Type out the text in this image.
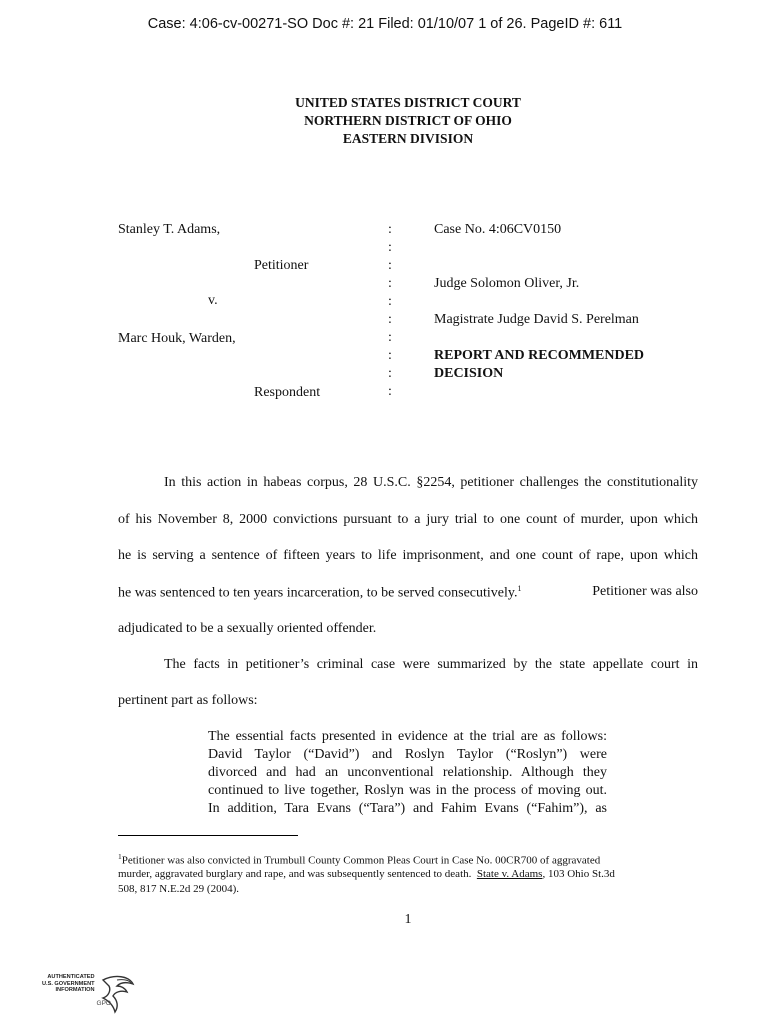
Case: 4:06-cv-00271-SO Doc #: 21 Filed: 01/10/07 1 of 26. PageID #: 611
UNITED STATES DISTRICT COURT
NORTHERN DISTRICT OF OHIO
EASTERN DIVISION
Stanley T. Adams,
Petitioner
v.
Marc Houk, Warden,
Respondent
:
:
:
:
:
:
:
:
:
:
Case No. 4:06CV0150
Judge Solomon Oliver, Jr.
Magistrate Judge David S. Perelman
REPORT AND RECOMMENDED
DECISION
In this action in habeas corpus, 28 U.S.C. §2254, petitioner challenges the constitutionality
of his November 8, 2000 convictions pursuant to a jury trial to one count of murder, upon which
he is serving a sentence of fifteen years to life imprisonment, and one count of rape, upon which
he was sentenced to ten years incarceration, to be served consecutively.$^1$	Petitioner was also
adjudicated to be a sexually oriented offender.
The facts in petitioner’s criminal case were summarized by the state appellate court in
pertinent part as follows:
The essential facts presented in evidence at the trial are as follows:
David Taylor (“David”) and Roslyn Taylor (“Roslyn”) were
divorced and had an unconventional relationship. Although they
continued to live together, Roslyn was in the process of moving out.
In addition, Tara Evans (“Tara”) and Fahim Evans (“Fahim”), as
$^1$Petitioner was also convicted in Trumbull County Common Pleas Court in Case No. 00CR700 of aggravated
murder, aggravated burglary and rape, and was subsequently sentenced to death.  State v. Adams, 103 Ohio St.3d
508, 817 N.E.2d 29 (2004).
1
AUTHENTICATED
U.S. GOVERNMENT
INFORMATION
GPO
